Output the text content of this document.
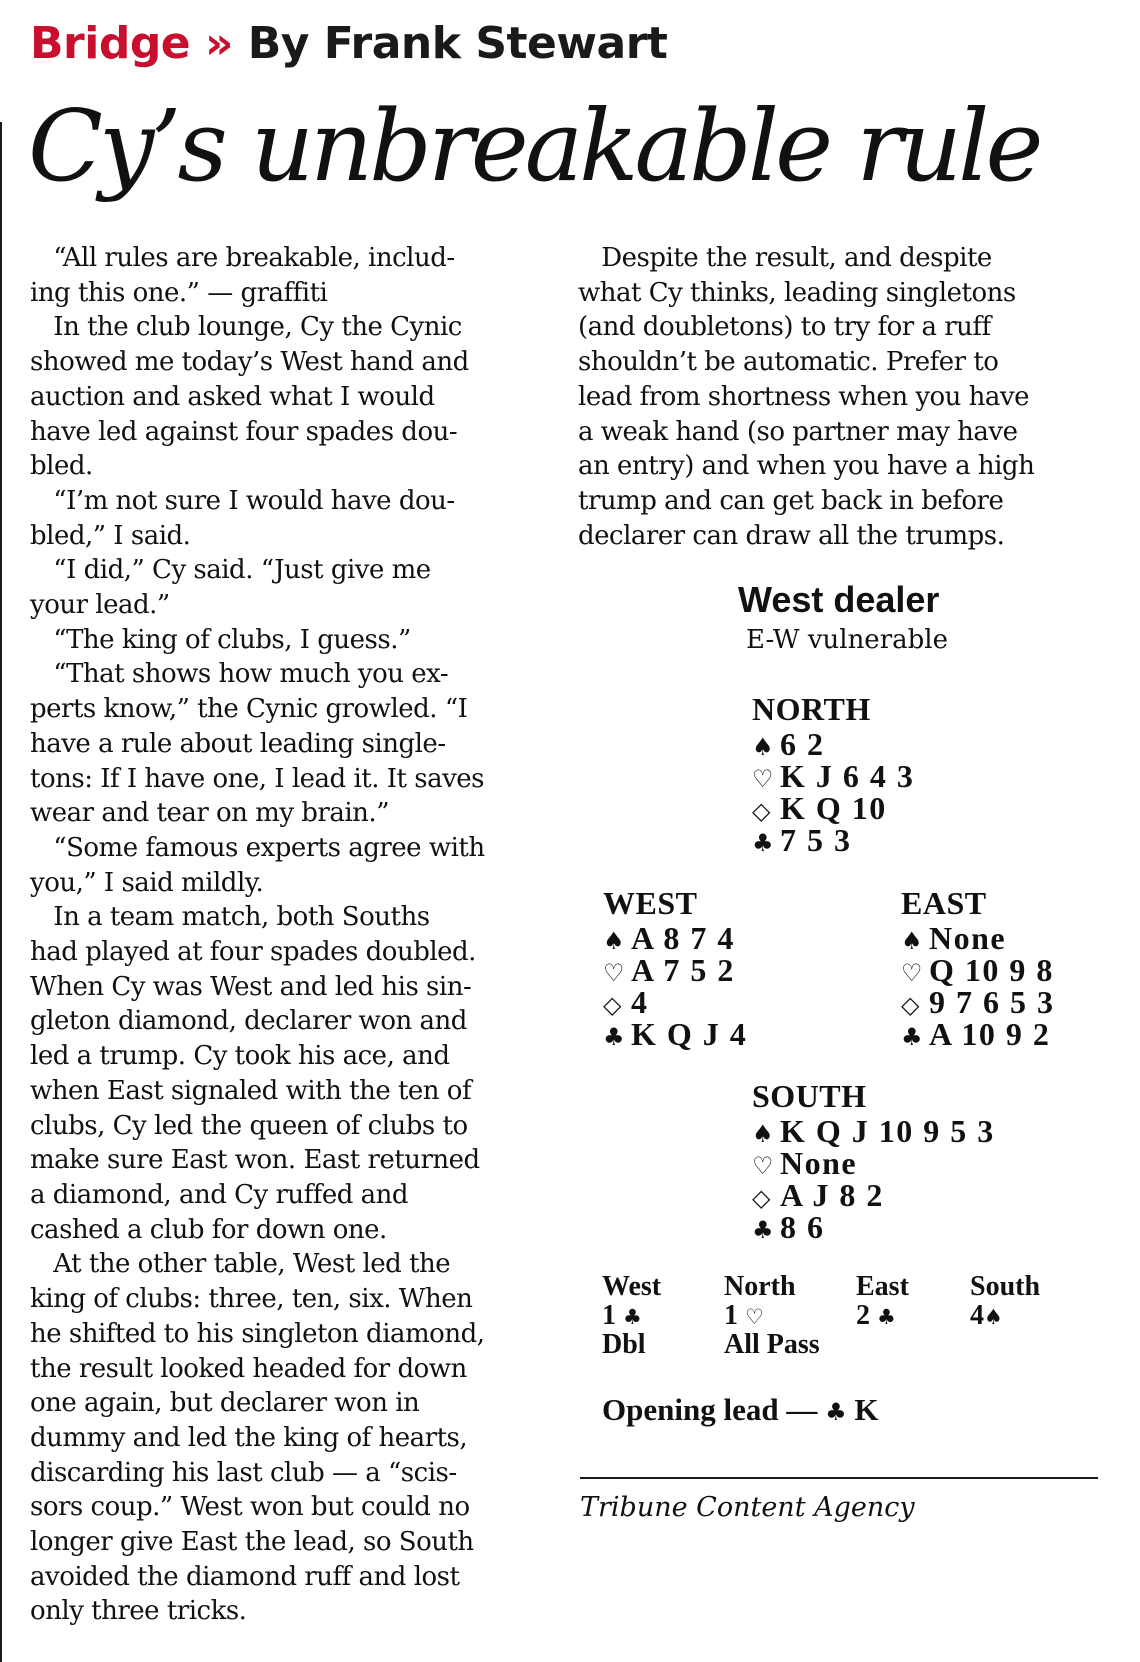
Bridge » By Frank Stewart
Cy’s unbreakable rule
“All rules are breakable, includ-
ing this one.” — graffiti
In the club lounge, Cy the Cynic
showed me today’s West hand and
auction and asked what I would
have led against four spades dou-
bled.
“I’m not sure I would have dou-
bled,” I said.
“I did,” Cy said. “Just give me
your lead.”
“The king of clubs, I guess.”
“That shows how much you ex-
perts know,” the Cynic growled. “I
have a rule about leading single-
tons: If I have one, I lead it. It saves
wear and tear on my brain.”
“Some famous experts agree with
you,” I said mildly.
In a team match, both Souths
had played at four spades doubled.
When Cy was West and led his sin-
gleton diamond, declarer won and
led a trump. Cy took his ace, and
when East signaled with the ten of
clubs, Cy led the queen of clubs to
make sure East won. East returned
a diamond, and Cy ruffed and
cashed a club for down one.
At the other table, West led the
king of clubs: three, ten, six. When
he shifted to his singleton diamond,
the result looked headed for down
one again, but declarer won in
dummy and led the king of hearts,
discarding his last club — a “scis-
sors coup.” West won but could no
longer give East the lead, so South
avoided the diamond ruff and lost
only three tricks.
Despite the result, and despite
what Cy thinks, leading singletons
(and doubletons) to try for a ruff
shouldn’t be automatic. Prefer to
lead from shortness when you have
a weak hand (so partner may have
an entry) and when you have a high
trump and can get back in before
declarer can draw all the trumps.
West dealer
E-W vulnerable
NORTH
♠ 6 2
♡ K J 6 4 3
◇ K Q 10
♣ 7 5 3
WEST
♠ A 8 7 4
♡ A 7 5 2
◇ 4
♣ K Q J 4
EAST
♠ None
♡ Q 10 9 8
◇ 9 7 6 5 3
♣ A 10 9 2
SOUTH
♠ K Q J 10 9 5 3
♡ None
◇ A J 8 2
♣ 8 6
West North East South
1 ♣	1 ♡	2 ♣	4♠
Dbl	All Pass
Opening lead — ♣ K
Tribune Content Agency
